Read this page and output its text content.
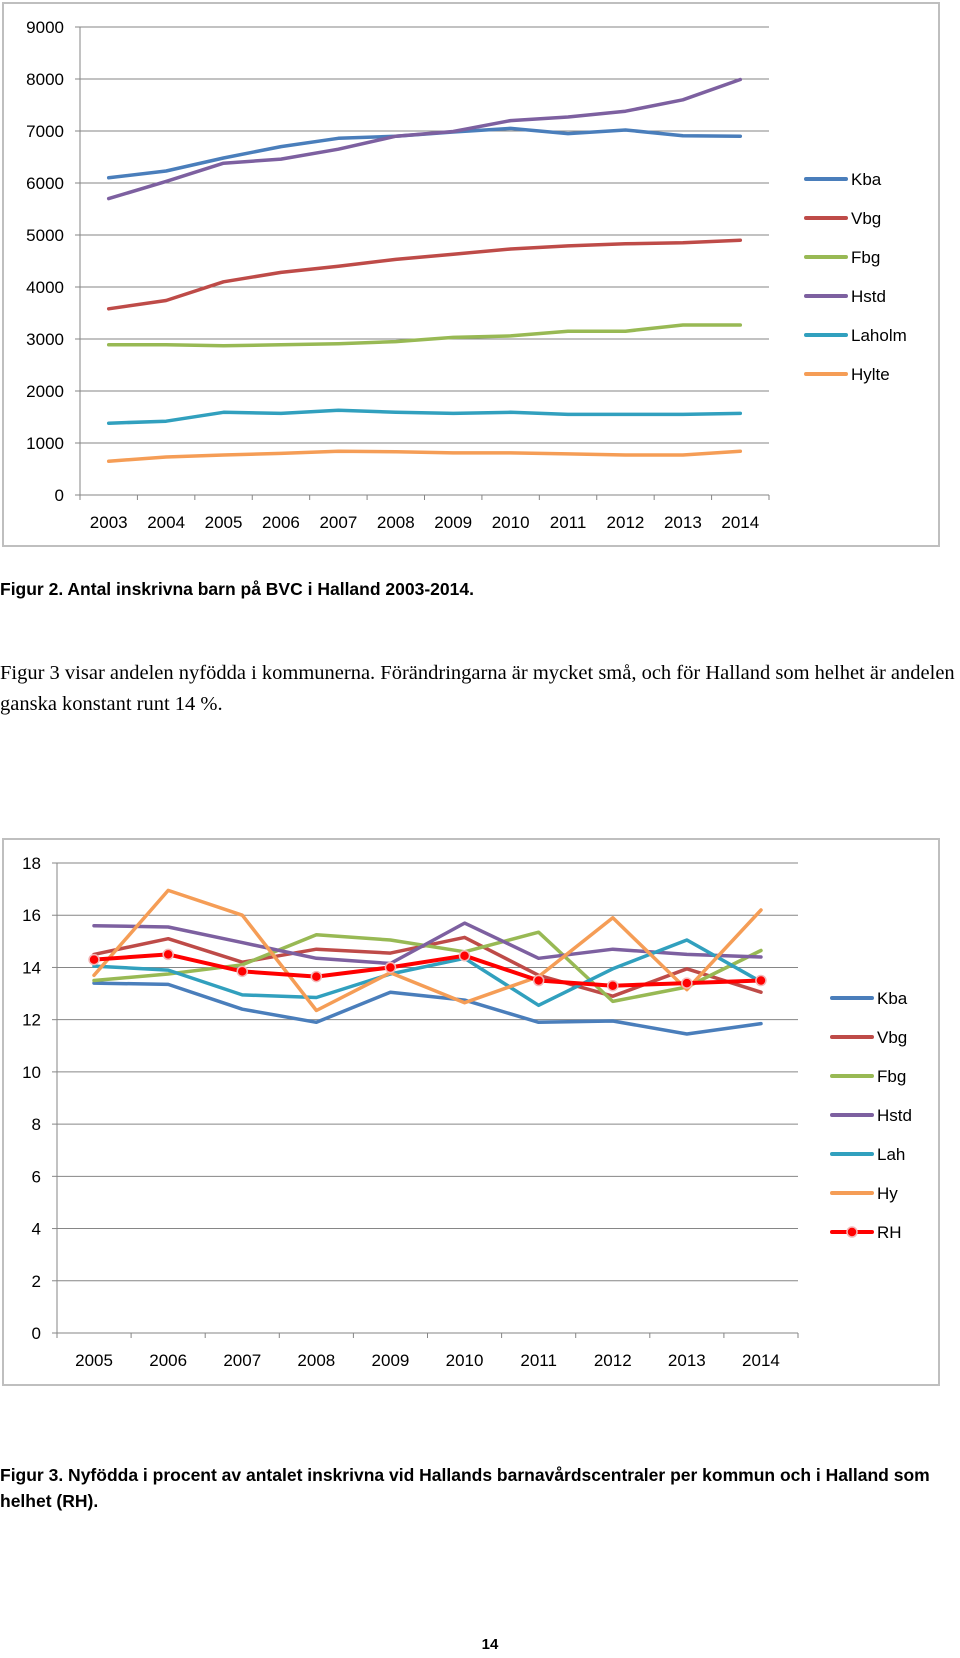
0
1000
2000
3000
4000
5000
6000
7000
8000
9000
2003 2004 2005 2006 2007 2008 2009 2010 2011 2012 2013 2014
Kba
Vbg
Fbg
Hstd
Laholm
Hylte

Figur 2. Antal inskrivna barn på BVC i Halland 2003-2014.

Figur 3 visar andelen nyfödda i kommunerna. Förändringarna är mycket små, och för Halland som helhet är andelen ganska konstant runt 14 %.

0
2
4
6
8
10
12
14
16
18
2005 2006 2007 2008 2009 2010 2011 2012 2013 2014
Kba
Vbg
Fbg
Hstd
Lah
Hy
RH

Figur 3. Nyfödda i procent av antalet inskrivna vid Hallands barnavårdscentraler per kommun och i Halland som helhet (RH).

14
